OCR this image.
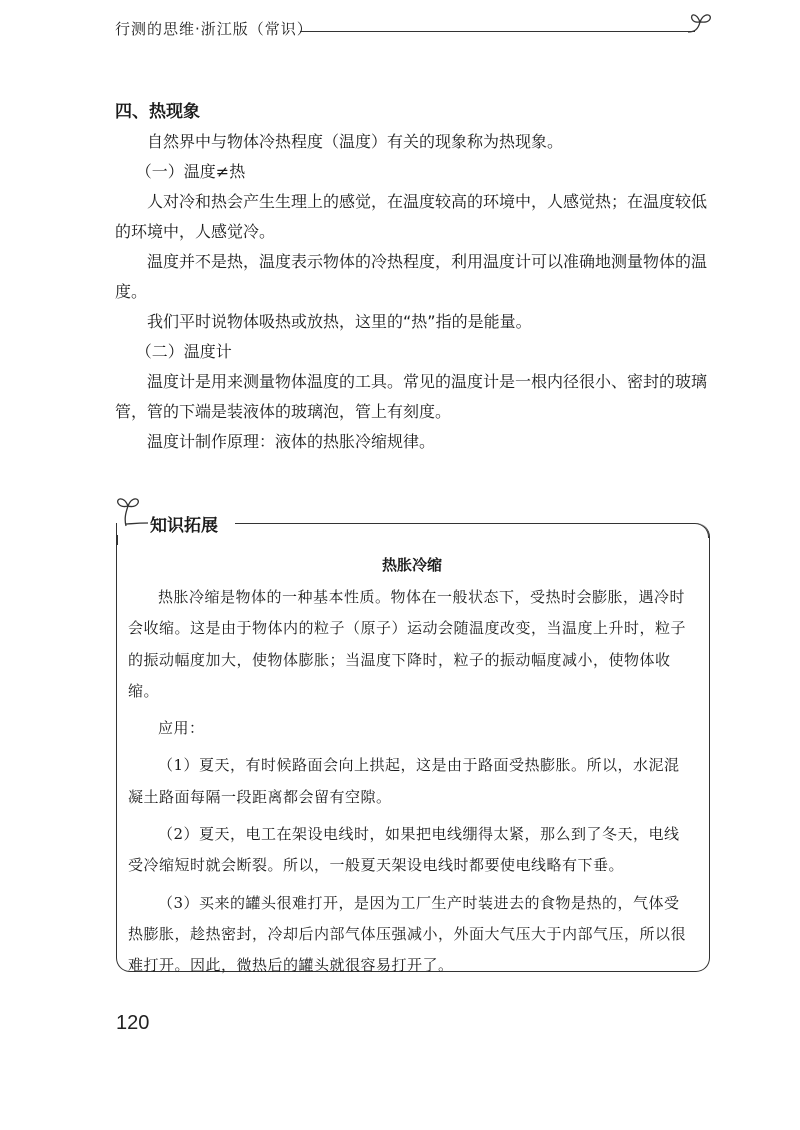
行测的思维·浙江版（常识）
四、热现象

自然界中与物体冷热程度（温度）有关的现象称为热现象。

（一）温度≠热

人对冷和热会产生生理上的感觉，在温度较高的环境中，人感觉热；在温度较低的环境中，人感觉冷。

温度并不是热，温度表示物体的冷热程度，利用温度计可以准确地测量物体的温度。

我们平时说物体吸热或放热，这里的“热”指的是能量。

（二）温度计

温度计是用来测量物体温度的工具。常见的温度计是一根内径很小、密封的玻璃管，管的下端是装液体的玻璃泡，管上有刻度。

温度计制作原理：液体的热胀冷缩规律。

知识拓展
热胀冷缩

热胀冷缩是物体的一种基本性质。物体在一般状态下，受热时会膨胀，遇冷时会收缩。这是由于物体内的粒子（原子）运动会随温度改变，当温度上升时，粒子的振动幅度加大，使物体膨胀；当温度下降时，粒子的振动幅度减小，使物体收缩。

应用：

（1）夏天，有时候路面会向上拱起，这是由于路面受热膨胀。所以，水泥混凝土路面每隔一段距离都会留有空隙。

（2）夏天，电工在架设电线时，如果把电线绷得太紧，那么到了冬天，电线受冷缩短时就会断裂。所以，一般夏天架设电线时都要使电线略有下垂。

（3）买来的罐头很难打开，是因为工厂生产时装进去的食物是热的，气体受热膨胀，趁热密封，冷却后内部气体压强减小，外面大气压大于内部气压，所以很难打开。因此，微热后的罐头就很容易打开了。

120
